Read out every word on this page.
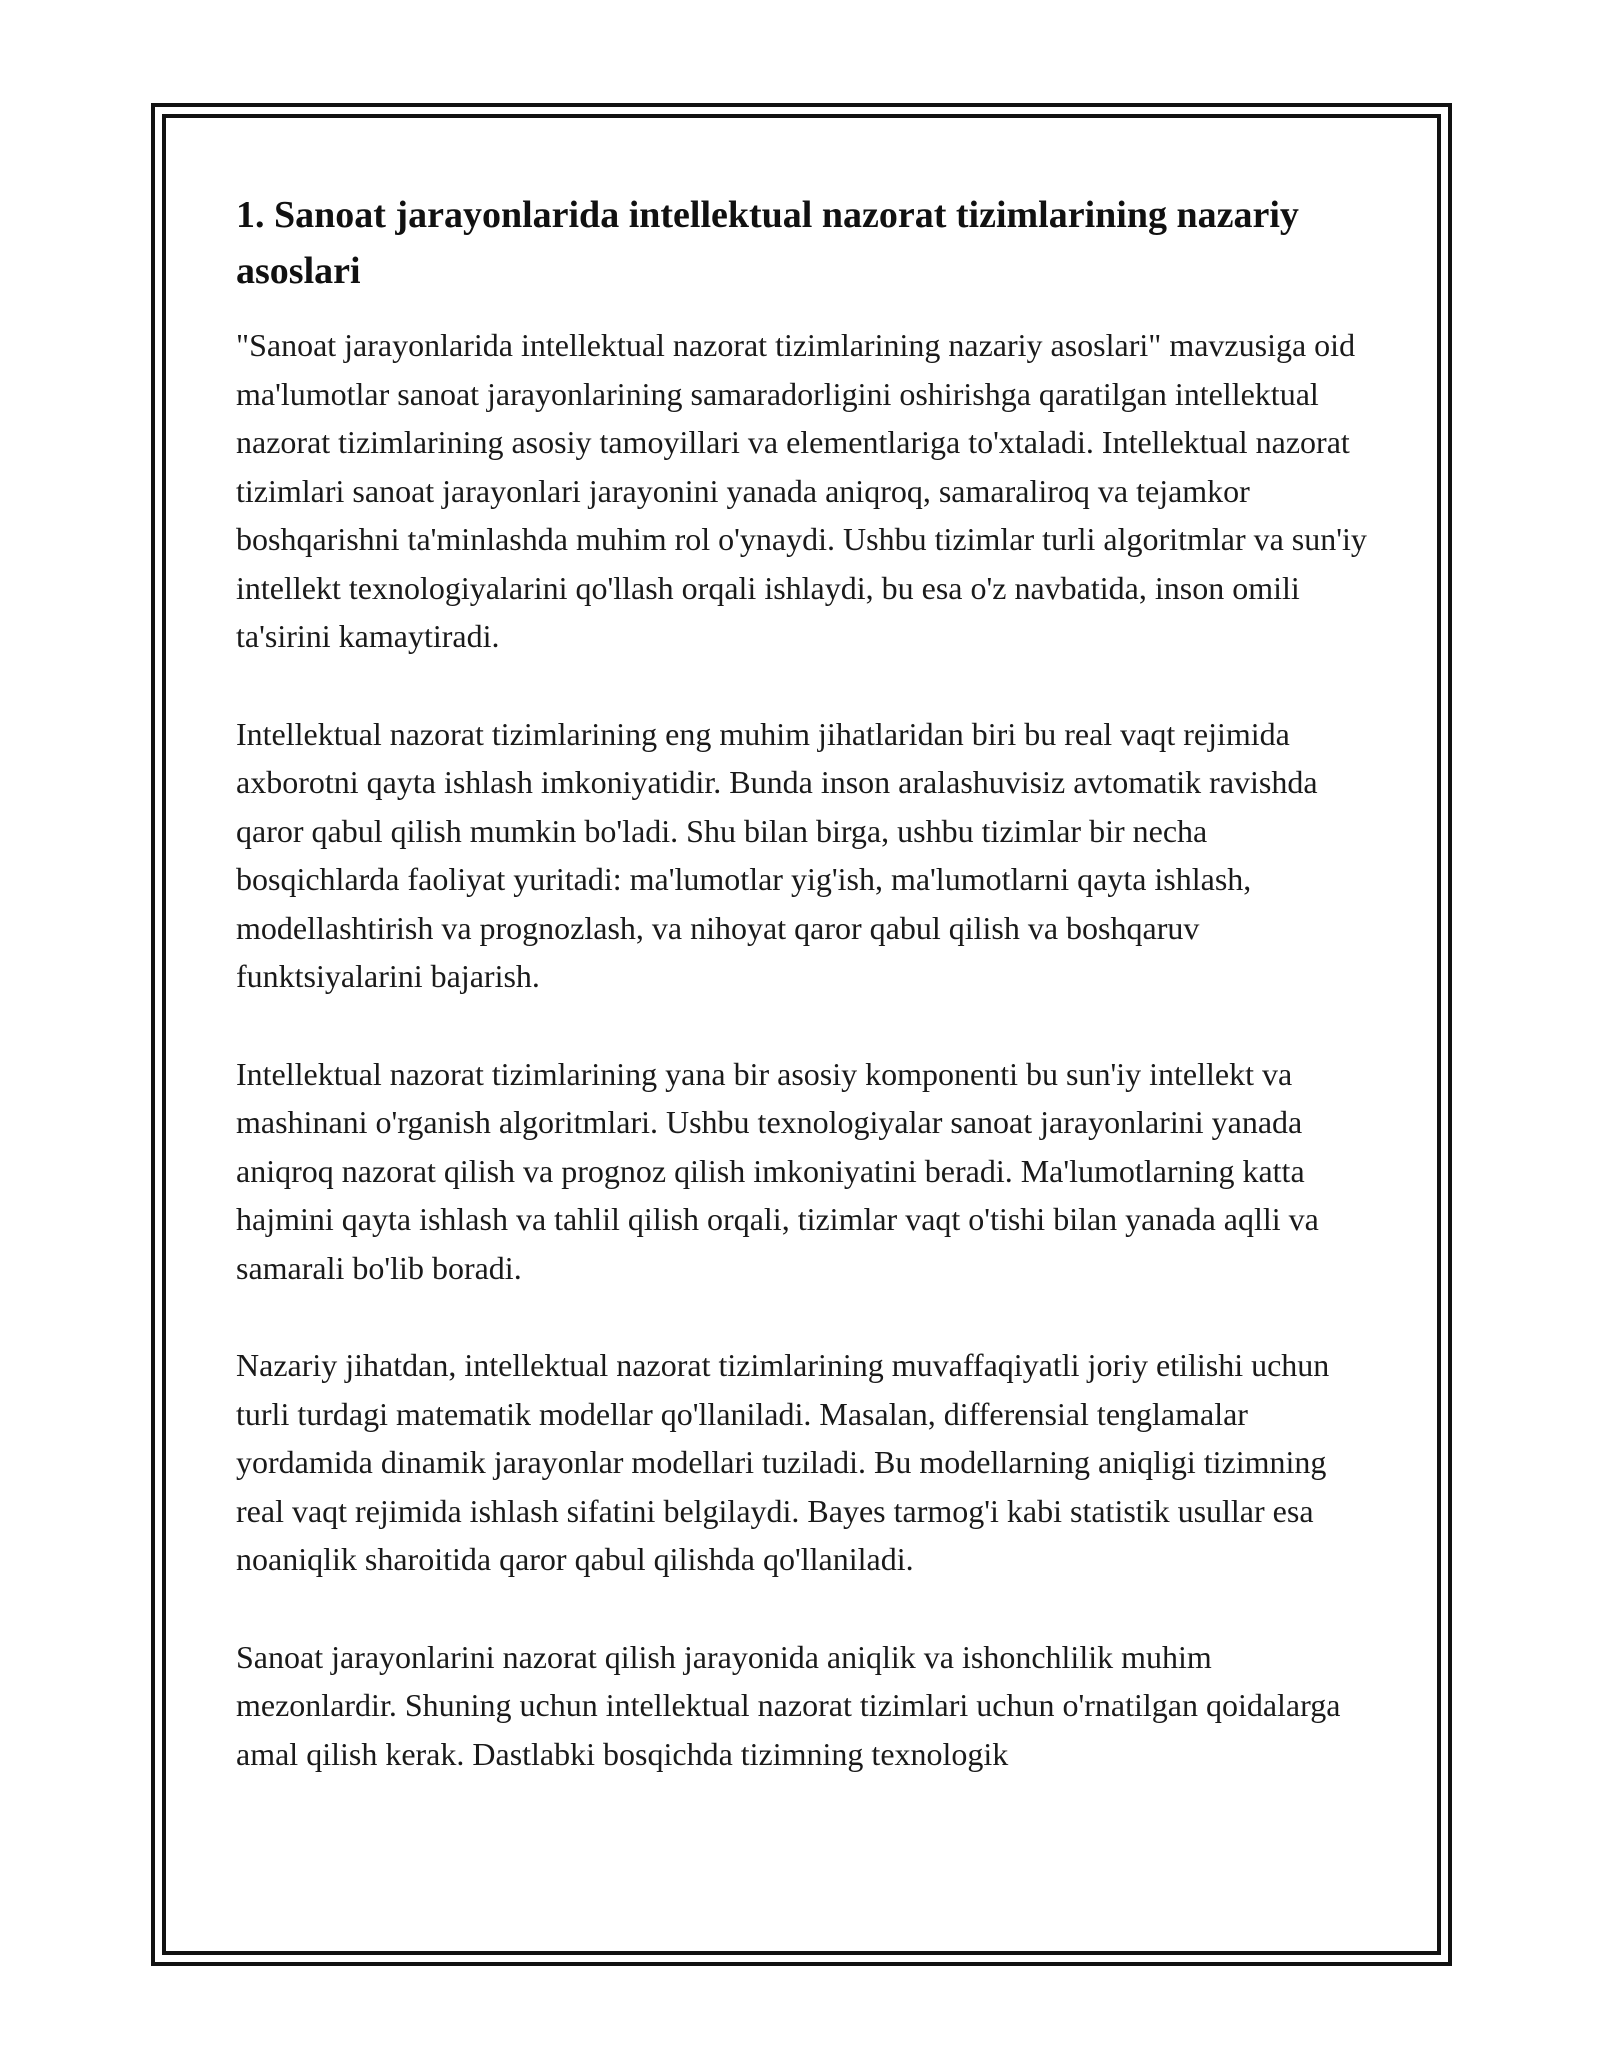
1. Sanoat jarayonlarida intellektual nazorat tizimlarining nazariy asoslari

"Sanoat jarayonlarida intellektual nazorat tizimlarining nazariy asoslari" mavzusiga oid ma'lumotlar sanoat jarayonlarining samaradorligini oshirishga qaratilgan intellektual nazorat tizimlarining asosiy tamoyillari va elementlariga to'xtaladi. Intellektual nazorat tizimlari sanoat jarayonlari jarayonini yanada aniqroq, samaraliroq va tejamkor boshqarishni ta'minlashda muhim rol o'ynaydi. Ushbu tizimlar turli algoritmlar va sun'iy intellekt texnologiyalarini qo'llash orqali ishlaydi, bu esa o'z navbatida, inson omili ta'sirini kamaytiradi.

Intellektual nazorat tizimlarining eng muhim jihatlaridan biri bu real vaqt rejimida axborotni qayta ishlash imkoniyatidir. Bunda inson aralashuvisiz avtomatik ravishda qaror qabul qilish mumkin bo'ladi. Shu bilan birga, ushbu tizimlar bir necha bosqichlarda faoliyat yuritadi: ma'lumotlar yig'ish, ma'lumotlarni qayta ishlash, modellashtirish va prognozlash, va nihoyat qaror qabul qilish va boshqaruv funktsiyalarini bajarish.

Intellektual nazorat tizimlarining yana bir asosiy komponenti bu sun'iy intellekt va mashinani o'rganish algoritmlari. Ushbu texnologiyalar sanoat jarayonlarini yanada aniqroq nazorat qilish va prognoz qilish imkoniyatini beradi. Ma'lumotlarning katta hajmini qayta ishlash va tahlil qilish orqali, tizimlar vaqt o'tishi bilan yanada aqlli va samarali bo'lib boradi.

Nazariy jihatdan, intellektual nazorat tizimlarining muvaffaqiyatli joriy etilishi uchun turli turdagi matematik modellar qo'llaniladi. Masalan, differensial tenglamalar yordamida dinamik jarayonlar modellari tuziladi. Bu modellarning aniqligi tizimning real vaqt rejimida ishlash sifatini belgilaydi. Bayes tarmog'i kabi statistik usullar esa noaniqlik sharoitida qaror qabul qilishda qo'llaniladi.

Sanoat jarayonlarini nazorat qilish jarayonida aniqlik va ishonchlilik muhim mezonlardir. Shuning uchun intellektual nazorat tizimlari uchun o'rnatilgan qoidalarga amal qilish kerak. Dastlabki bosqichda tizimning texnologik
